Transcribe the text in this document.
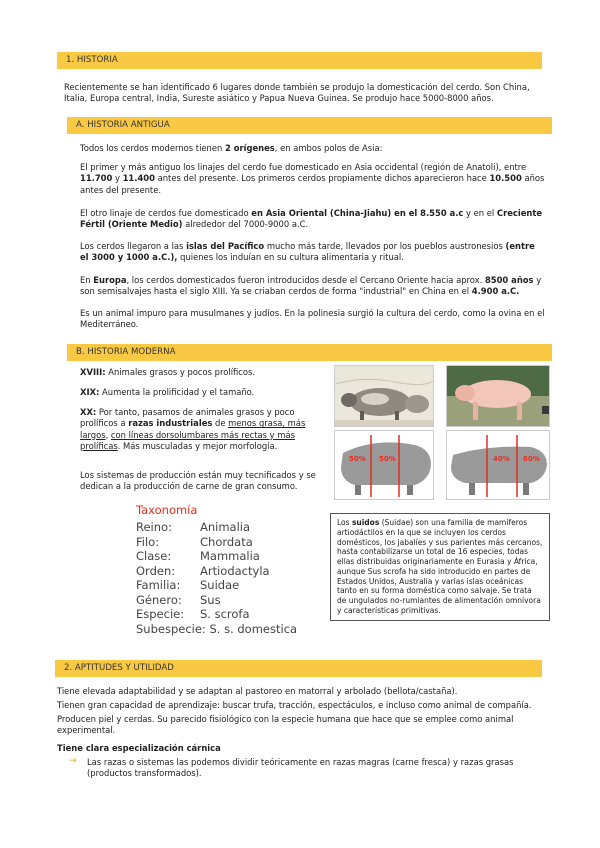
1. HISTORIA

Recientemente se han identificado 6 lugares donde también se produjo la domesticación del cerdo. Son China, Italia, Europa central, India, Sureste asiático y Papua Nueva Guinea. Se produjo hace 5000-8000 años.

A. HISTORIA ANTIGUA

Todos los cerdos modernos tienen 2 orígenes, en ambos polos de Asia:

El primer y más antiguo los linajes del cerdo fue domesticado en Asia occidental (región de Anatoli), entre 11.700 y 11.400 antes del presente. Los primeros cerdos propiamente dichos aparecieron hace 10.500 años antes del presente.

El otro linaje de cerdos fue domesticado en Asia Oriental (China-Jiahu) en el 8.550 a.c y en el Creciente Fértil (Oriente Medio) alrededor del 7000-9000 a.C.

Los cerdos llegaron a las islas del Pacífico mucho más tarde, llevados por los pueblos austronesios (entre el 3000 y 1000 a.C.), quienes los induían en su cultura alimentaria y ritual.

En Europa, los cerdos domesticados fueron introducidos desde el Cercano Oriente hacia aprox. 8500 años y son semisalvajes hasta el siglo XIII. Ya se criaban cerdos de forma "industrial" en China en el 4.900 a.C.

Es un animal impuro para musulmanes y judíos. En la polinesia surgió la cultura del cerdo, como la ovina en el Mediterráneo.

B. HISTORIA MODERNA

XVIII: Animales grasos y pocos prolíficos.

XIX: Aumenta la prolificidad y el tamaño.

XX: Por tanto, pasamos de animales grasos y poco prolíficos a razas industriales de menos grasa, más largos, con líneas dorsolumbares más rectas y más prolíficas. Más musculadas y mejor morfología.

Los sistemas de producción están muy tecnificados y se dedican a la producción de carne de gran consumo.

50% 50%	40% 60%
Taxonomía
Reino: Animalia
Filo:	Chordata
Clase:	Mammalia
Orden: Artiodactyla
Familia: Suidae
Género: Sus
Especie: S. scrofa
Subespecie: S. s. domestica
Los suidos (Suidae) son una familia de mamíferos artiodáctilos en la que se incluyen los cerdos domésticos, los jabalíes y sus parientes más cercanos, hasta contabilizarse un total de 16 especies, todas ellas distribuidas originariamente en Eurasia y África, aunque Sus scrofa ha sido introducido en partes de Estados Unidos, Australia y varias islas oceánicas tanto en su forma doméstica como salvaje. Se trata de ungulados no-rumiantes de alimentación omnívora y características primitivas.
2. APTITUDES Y UTILIDAD

Tiene elevada adaptabilidad y se adaptan al pastoreo en matorral y arbolado (bellota/castaña).

Tienen gran capacidad de aprendizaje: buscar trufa, tracción, espectáculos, e incluso como animal de compañía.

Producen piel y cerdas. Su parecido fisiológico con la especie humana que hace que se emplee como animal experimental.

Tiene clara especialización cárnica

→ Las razas o sistemas las podemos dividir teóricamente en razas magras (carne fresca) y razas grasas (productos transformados).
